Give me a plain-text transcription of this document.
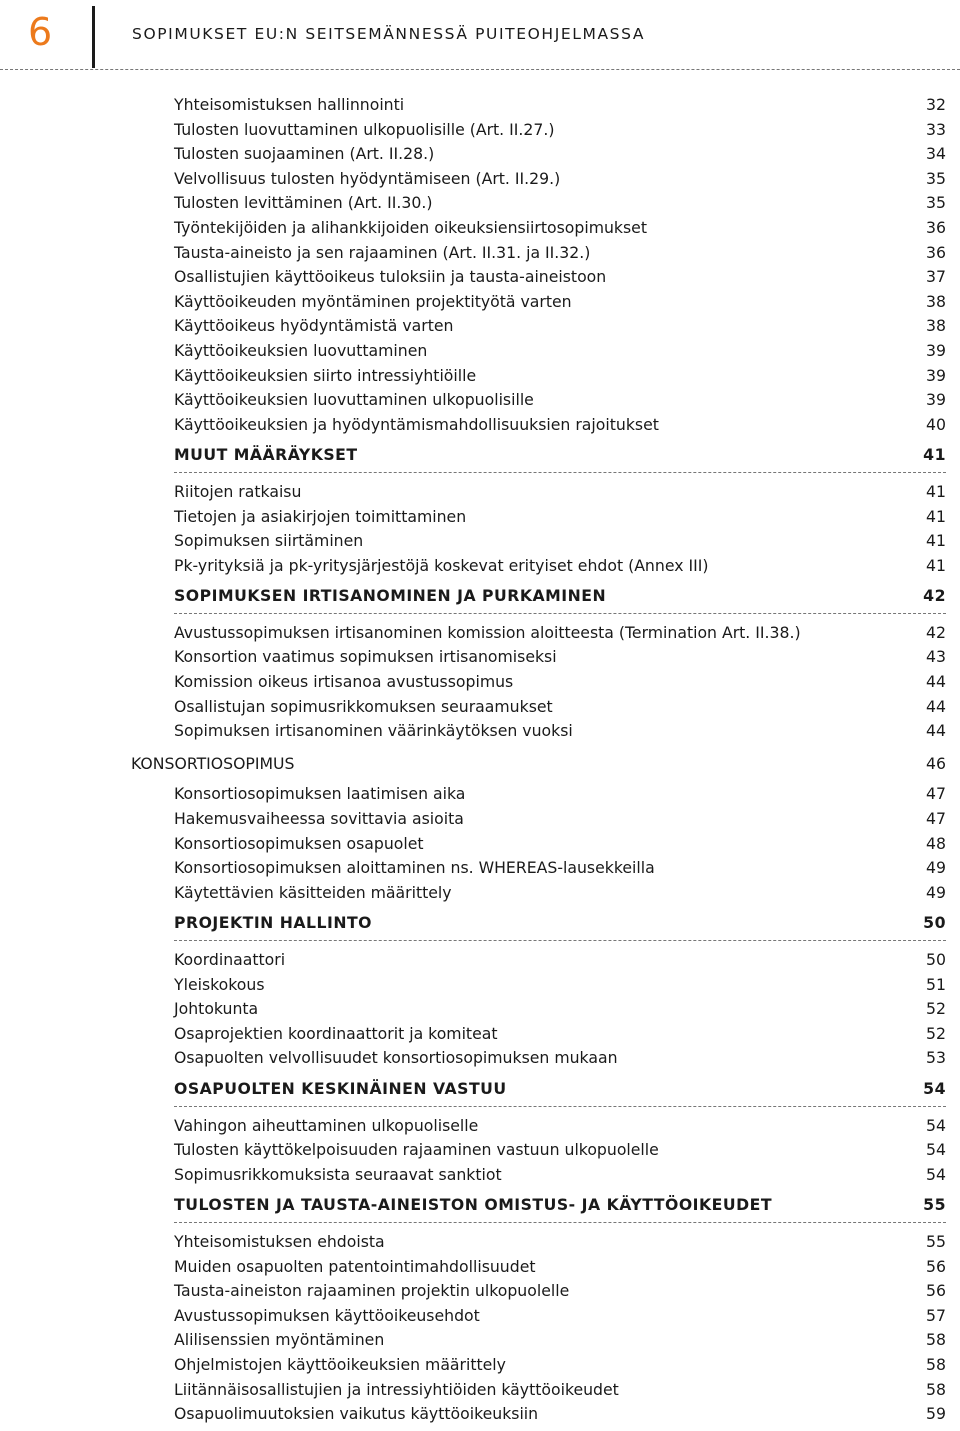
6	SOPIMUKSET EU:N SEITSEMÄNNESSÄ PUITEOHJELMASSA
Yhteisomistuksen hallinnointi	32
Tulosten luovuttaminen ulkopuolisille (Art. II.27.)	33
Tulosten suojaaminen (Art. II.28.)	34
Velvollisuus tulosten hyödyntämiseen (Art. II.29.)	35
Tulosten levittäminen (Art. II.30.)	35
Työntekijöiden ja alihankkijoiden oikeuksiensiirtosopimukset	36
Tausta-aineisto ja sen rajaaminen (Art. II.31. ja II.32.)	36
Osallistujien käyttöoikeus tuloksiin ja tausta-aineistoon	37
Käyttöoikeuden myöntäminen projektityötä varten	38
Käyttöoikeus hyödyntämistä varten	38
Käyttöoikeuksien luovuttaminen	39
Käyttöoikeuksien siirto intressiyhtiöille	39
Käyttöoikeuksien luovuttaminen ulkopuolisille	39
Käyttöoikeuksien ja hyödyntämismahdollisuuksien rajoitukset	40
MUUT MÄÄRÄYKSET	41
Riitojen ratkaisu	41
Tietojen ja asiakirjojen toimittaminen	41
Sopimuksen siirtäminen	41
Pk-yrityksiä ja pk-yritysjärjestöjä koskevat erityiset ehdot (Annex III)	41
SOPIMUKSEN IRTISANOMINEN JA PURKAMINEN	42
Avustussopimuksen irtisanominen komission aloitteesta (Termination Art. II.38.)	42
Konsortion vaatimus sopimuksen irtisanomiseksi	43
Komission oikeus irtisanoa avustussopimus	44
Osallistujan sopimusrikkomuksen seuraamukset	44
Sopimuksen irtisanominen väärinkäytöksen vuoksi	44
KONSORTIOSOPIMUS	46
Konsortiosopimuksen laatimisen aika	47
Hakemusvaiheessa sovittavia asioita	47
Konsortiosopimuksen osapuolet	48
Konsortiosopimuksen aloittaminen ns. WHEREAS-lausekkeilla	49
Käytettävien käsitteiden määrittely	49
PROJEKTIN HALLINTO	50
Koordinaattori	50
Yleiskokous	51
Johtokunta	52
Osaprojektien koordinaattorit ja komiteat	52
Osapuolten velvollisuudet konsortiosopimuksen mukaan	53
OSAPUOLTEN KESKINÄINEN VASTUU	54
Vahingon aiheuttaminen ulkopuoliselle	54
Tulosten käyttökelpoisuuden rajaaminen vastuun ulkopuolelle	54
Sopimusrikkomuksista seuraavat sanktiot	54
TULOSTEN JA TAUSTA-AINEISTON OMISTUS- JA KÄYTTÖOIKEUDET	55
Yhteisomistuksen ehdoista	55
Muiden osapuolten patentointimahdollisuudet	56
Tausta-aineiston rajaaminen projektin ulkopuolelle	56
Avustussopimuksen käyttöoikeusehdot	57
Alilisenssien myöntäminen	58
Ohjelmistojen käyttöoikeuksien määrittely	58
Liitännäisosallistujien ja intressiyhtiöiden käyttöoikeudet	58
Osapuolimuutoksien vaikutus käyttöoikeuksiin	59
